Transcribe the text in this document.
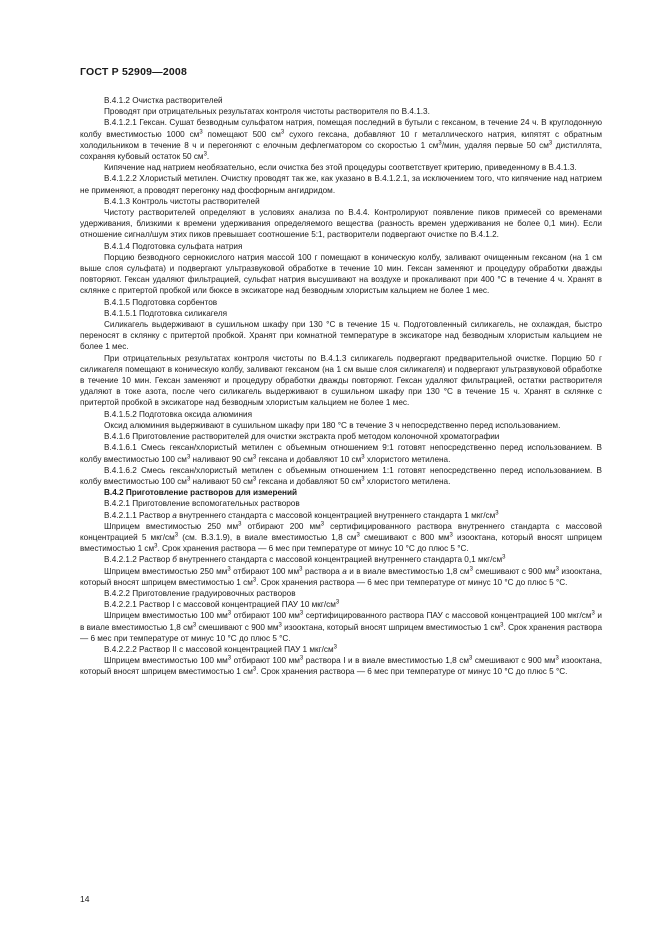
ГОСТ Р 52909—2008

В.4.1.2 Очистка растворителей

Проводят при отрицательных результатах контроля чистоты растворителя по В.4.1.3.

В.4.1.2.1 Гексан. Сушат безводным сульфатом натрия, помещая последний в бутыли с гексаном, в течение 24 ч. В круглодонную колбу вместимостью 1000 $см^3$ помещают 500 $см^3$ сухого гексана, добавляют 10 г металлического натрия, кипятят с обратным холодильником в течение 8 ч и перегоняют с елочным дефлегматором со скоростью 1 $см^3$/мин, удаляя первые 50 $см^3$ дистиллята, сохраняя кубовый остаток 50 $см^3$.

Кипячение над натрием необязательно, если очистка без этой процедуры соответствует критерию, приведенному в В.4.1.3.

В.4.1.2.2 Хлористый метилен. Очистку проводят так же, как указано в В.4.1.2.1, за исключением того, что кипячение над натрием не применяют, а проводят перегонку над фосфорным ангидридом.

В.4.1.3 Контроль чистоты растворителей

Чистоту растворителей определяют в условиях анализа по В.4.4. Контролируют появление пиков примесей со временами удерживания, близкими к времени удерживания определяемого вещества (разность времен удерживания не более 0,1 мин). Если отношение сигнал/шум этих пиков превышает соотношение 5:1, растворители подвергают очистке по В.4.1.2.

В.4.1.4 Подготовка сульфата натрия

Порцию безводного сернокислого натрия массой 100 г помещают в коническую колбу, заливают очищенным гексаном (на 1 см выше слоя сульфата) и подвергают ультразвуковой обработке в течение 10 мин. Гексан заменяют и процедуру обработки дважды повторяют. Гексан удаляют фильтрацией, сульфат натрия высушивают на воздухе и прокаливают при 400 °С в течение 4 ч. Хранят в склянке с притертой пробкой или бюксе в эксикаторе над безводным хлористым кальцием не более 1 мес.

В.4.1.5 Подготовка сорбентов

В.4.1.5.1 Подготовка силикагеля

Силикагель выдерживают в сушильном шкафу при 130 °С в течение 15 ч. Подготовленный силикагель, не охлаждая, быстро переносят в склянку с притертой пробкой. Хранят при комнатной температуре в эксикаторе над безводным хлористым кальцием не более 1 мес.

При отрицательных результатах контроля чистоты по В.4.1.3 силикагель подвергают предварительной очистке. Порцию 50 г силикагеля помещают в коническую колбу, заливают гексаном (на 1 см выше слоя силикагеля) и подвергают ультразвуковой обработке в течение 10 мин. Гексан заменяют и процедуру обработки дважды повторяют. Гексан удаляют фильтрацией, остатки растворителя удаляют в токе азота, после чего силикагель выдерживают в сушильном шкафу при 130 °С в течение 15 ч. Хранят в склянке с притертой пробкой в эксикаторе над безводным хлористым кальцием не более 1 мес.

В.4.1.5.2 Подготовка оксида алюминия

Оксид алюминия выдерживают в сушильном шкафу при 180 °С в течение 3 ч непосредственно перед использованием.

В.4.1.6 Приготовление растворителей для очистки экстракта проб методом колоночной хроматографии

В.4.1.6.1 Смесь гексан/хлористый метилен с объемным отношением 9:1 готовят непосредственно перед использованием. В колбу вместимостью 100 $см^3$ наливают 90 $см^3$ гексана и добавляют 10 $см^3$ хлористого метилена.

В.4.1.6.2 Смесь гексан/хлористый метилен с объемным отношением 1:1 готовят непосредственно перед использованием. В колбу вместимостью 100 $см^3$ наливают 50 $см^3$ гексана и добавляют 50 $см^3$ хлористого метилена.

В.4.2 Приготовление растворов для измерений

В.4.2.1 Приготовление вспомогательных растворов

В.4.2.1.1 Раствор а внутреннего стандарта с массовой концентрацией внутреннего стандарта 1 мкг/$см^3$

Шприцем вместимостью 250 $мм^3$ отбирают 200 $мм^3$ сертифицированного раствора внутреннего стандарта с массовой концентрацией 5 мкг/$см^3$ (см. В.3.1.9), в виале вместимостью 1,8 $см^3$ смешивают с 800 $мм^3$ изооктана, который вносят шприцем вместимостью 1 $см^3$. Срок хранения раствора — 6 мес при температуре от минус 10 °С до плюс 5 °С.

В.4.2.1.2 Раствор б внутреннего стандарта с массовой концентрацией внутреннего стандарта 0,1 мкг/$см^3$

Шприцем вместимостью 250 $мм^3$ отбирают 100 $мм^3$ раствора а и в виале вместимостью 1,8 $см^3$ смешивают с 900 $мм^3$ изооктана, который вносят шприцем вместимостью 1 $см^3$. Срок хранения раствора — 6 мес при температуре от минус 10 °С до плюс 5 °С.

В.4.2.2 Приготовление градуировочных растворов

В.4.2.2.1 Раствор I с массовой концентрацией ПАУ 10 мкг/$см^3$

Шприцем вместимостью 100 $мм^3$ отбирают 100 $мм^3$ сертифицированного раствора ПАУ с массовой концентрацией 100 мкг/$см^3$ и в виале вместимостью 1,8 $см^3$ смешивают с 900 $мм^3$ изооктана, который вносят шприцем вместимостью 1 $см^3$. Срок хранения раствора — 6 мес при температуре от минус 10 °С до плюс 5 °С.

В.4.2.2.2 Раствор II с массовой концентрацией ПАУ 1 мкг/$см^3$

Шприцем вместимостью 100 $мм^3$ отбирают 100 $мм^3$ раствора I и в виале вместимостью 1,8 $см^3$ смешивают с 900 $мм^3$ изооктана, который вносят шприцем вместимостью 1 $см^3$. Срок хранения раствора — 6 мес при температуре от минус 10 °С до плюс 5 °С.

14
